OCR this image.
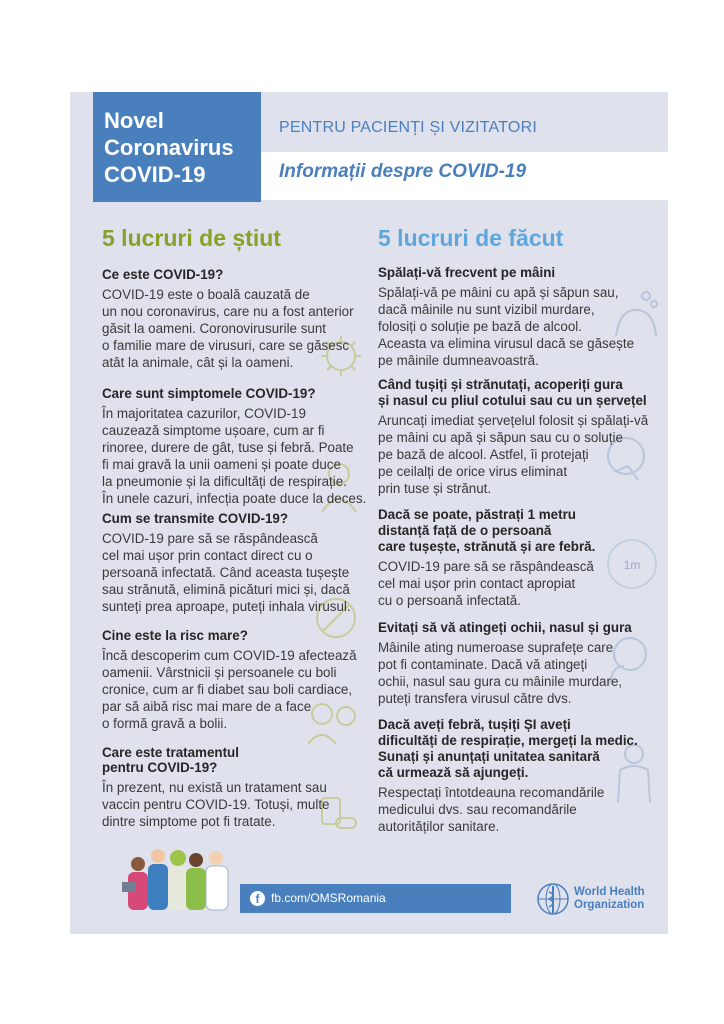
Novel
Coronavirus
COVID-19
PENTRU PACIENȚI ȘI VIZITATORI
Informații despre COVID-19
5 lucruri de știut	5 lucruri de făcut
1m
Ce este COVID-19?

COVID-19 este o boală cauzată de

un nou coronavirus, care nu a fost anterior

găsit la oameni. Coronovirusurile sunt

o familie mare de virusuri, care se găsesc

atât la animale, cât și la oameni.

Care sunt simptomele COVID-19?

În majoritatea cazurilor, COVID-19

cauzează simptome ușoare, cum ar fi

rinoree, durere de gât, tuse și febră. Poate

fi mai gravă la unii oameni și poate duce

la pneumonie și la dificultăți de respirație.

În unele cazuri, infecția poate duce la deces.

Cum se transmite COVID-19?

COVID-19 pare să se răspândească

cel mai ușor prin contact direct cu o

persoană infectată. Când aceasta tușește

sau strănută, elimină picături mici și, dacă

sunteți prea aproape, puteți inhala virusul.

Cine este la risc mare?

Încă descoperim cum COVID-19 afectează

oamenii. Vârstnicii și persoanele cu boli

cronice, cum ar fi diabet sau boli cardiace,

par să aibă risc mai mare de a face

o formă gravă a bolii.

Care este tratamentul
pentru COVID-19?

În prezent, nu există un tratament sau

vaccin pentru COVID-19. Totuși, multe

dintre simptome pot fi tratate.

Spălați-vă frecvent pe mâini

Spălați-vă pe mâini cu apă și săpun sau,

dacă mâinile nu sunt vizibil murdare,

folosiți o soluție pe bază de alcool.

Aceasta va elimina virusul dacă se găsește

pe mâinile dumneavoastră.

Când tușiți și strănutați, acoperiți gura
și nasul cu pliul cotului sau cu un șervețel

Aruncați imediat șervețelul folosit și spălați-vă

pe mâini cu apă și săpun sau cu o soluție

pe bază de alcool. Astfel, îi protejați

pe ceilalți de orice virus eliminat

prin tuse și strănut.

Dacă se poate, păstrați 1 metru
distanță față de o persoană
care tușește, strănută și are febră.

COVID-19 pare să se răspândească

cel mai ușor prin contact apropiat

cu o persoană infectată.

Evitați să vă atingeți ochii, nasul și gura

Mâinile ating numeroase suprafețe care

pot fi contaminate. Dacă vă atingeți

ochii, nasul sau gura cu mâinile murdare,

puteți transfera virusul către dvs.

Dacă aveți febră, tușiți ȘI aveți
dificultăți de respirație, mergeți la medic.
Sunați și anunțați unitatea sanitară
că urmează să ajungeți.

Respectați întotdeauna recomandările

medicului dvs. sau recomandările

autorităților sanitare.

f fb.com/OMSRomania	World Health
Organization
